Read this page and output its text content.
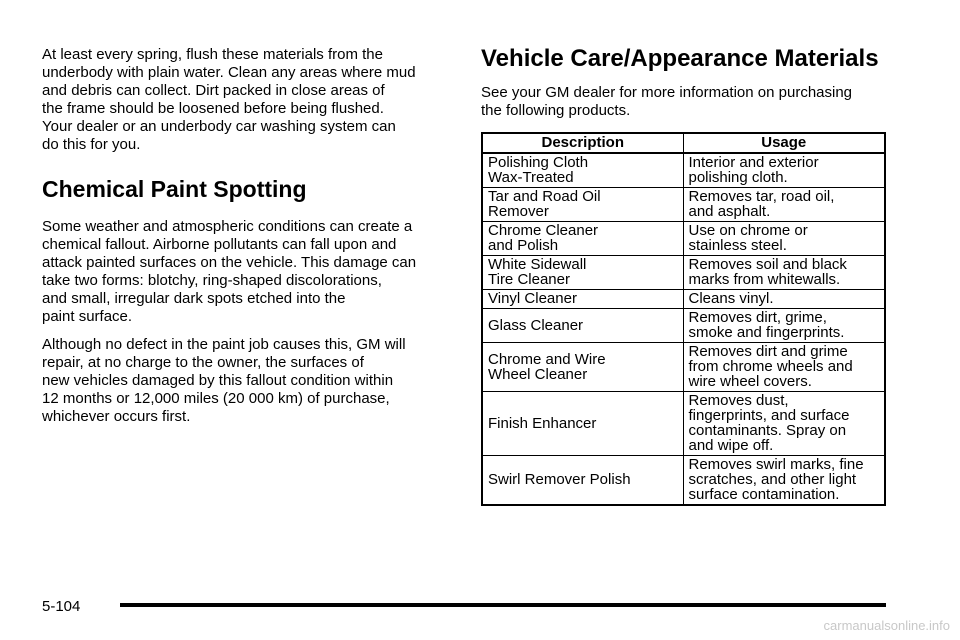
At least every spring, flush these materials from the
underbody with plain water. Clean any areas where mud
and debris can collect. Dirt packed in close areas of
the frame should be loosened before being flushed.
Your dealer or an underbody car washing system can
do this for you.

Chemical Paint Spotting

Some weather and atmospheric conditions can create a
chemical fallout. Airborne pollutants can fall upon and
attack painted surfaces on the vehicle. This damage can
take two forms: blotchy, ring-shaped discolorations,
and small, irregular dark spots etched into the
paint surface.

Although no defect in the paint job causes this, GM will
repair, at no charge to the owner, the surfaces of
new vehicles damaged by this fallout condition within
12 months or 12,000 miles (20 000 km) of purchase,
whichever occurs first.

Vehicle Care/Appearance Materials

See your GM dealer for more information on purchasing
the following products.

Description	Usage

Polishing Cloth
Wax-Treated	Interior and exterior
polishing cloth.

Tar and Road Oil
Remover	Removes tar, road oil,
and asphalt.

Chrome Cleaner
and Polish	Use on chrome or
stainless steel.

White Sidewall
Tire Cleaner	Removes soil and black
marks from whitewalls.

Vinyl Cleaner	Cleans vinyl.

Glass Cleaner	Removes dirt, grime,
smoke and fingerprints.

Chrome and Wire
Wheel Cleaner	Removes dirt and grime
from chrome wheels and
wire wheel covers.

Finish Enhancer	Removes dust,
fingerprints, and surface
contaminants. Spray on
and wipe off.

Swirl Remover Polish	Removes swirl marks, fine
scratches, and other light
surface contamination.
5-104
carmanualsonline.info
